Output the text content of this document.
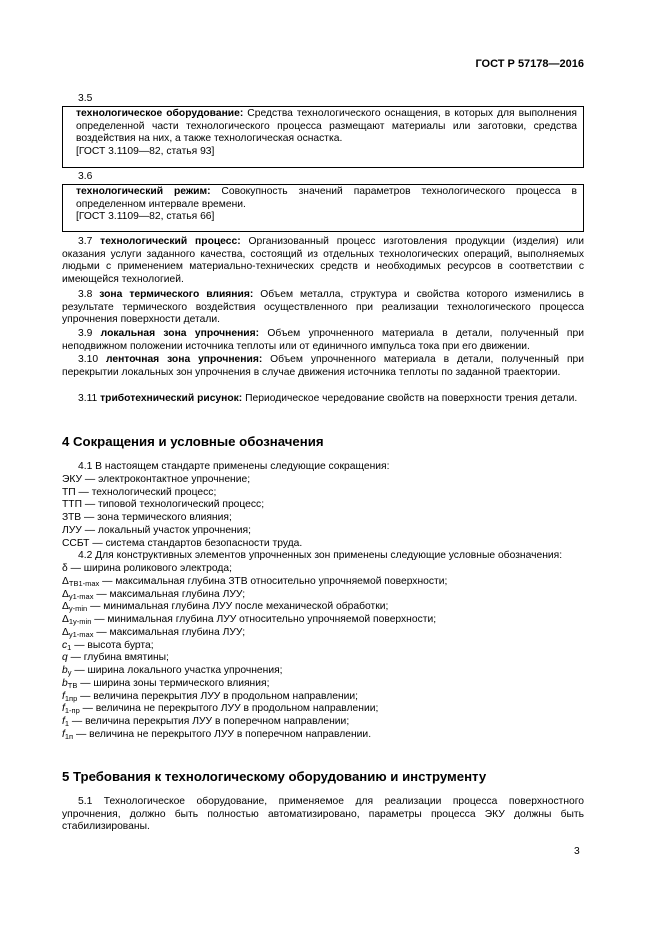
ГОСТ Р 57178—2016
3.5

технологическое оборудование: Средства технологического оснащения, в которых для выполнения определенной части технологического процесса размещают материалы или заготовки, средства воздействия на них, а также технологическая оснастка.

[ГОСТ 3.1109—82, статья 93]

3.6

технологический режим: Совокупность значений параметров технологического процесса в определенном интервале времени.

[ГОСТ 3.1109—82, статья 66]

3.7 технологический процесс: Организованный процесс изготовления продукции (изделия) или оказания услуги заданного качества, состоящий из отдельных технологических операций, выполняемых людьми с применением материально-технических средств и необходимых ресурсов в соответствии с имеющейся технологией.

3.8 зона термического влияния: Объем металла, структура и свойства которого изменились в результате термического воздействия осуществленного при реализации технологического процесса упрочнения поверхности детали.

3.9 локальная зона упрочнения: Объем упрочненного материала в детали, полученный при неподвижном положении источника теплоты или от единичного импульса тока при его движении.

3.10 ленточная зона упрочнения: Объем упрочненного материала в детали, полученный при перекрытии локальных зон упрочнения в случае движения источника теплоты по заданной траектории.

3.11 триботехнический рисунок: Периодическое чередование свойств на поверхности трения детали.

4 Сокращения и условные обозначения
4.1 В настоящем стандарте применены следующие сокращения:
ЭКУ — электроконтактное упрочнение;
ТП — технологический процесс;
ТТП — типовой технологический процесс;
ЗТВ — зона термического влияния;
ЛУУ — локальный участок упрочнения;
ССБТ — система стандартов безопасности труда.
4.2 Для конструктивных элементов упрочненных зон применены следующие условные обозначения:
δ — ширина роликового электрода;
$\Delta_{ТВ1-max}$ — максимальная глубина ЗТВ относительно упрочняемой поверхности;
$\Delta_{y1-max}$ — максимальная глубина ЛУУ;
$\Delta_{y-min}$ — минимальная глубина ЛУУ после механической обработки;
$\Delta_{1y-min}$ — минимальная глубина ЛУУ относительно упрочняемой поверхности;
$\Delta_{y1-max}$ — максимальная глубина ЛУУ;
$c_1$ — высота бурта;
q — глубина вмятины;
$b_y$ — ширина локального участка упрочнения;
$b_{ТВ}$ — ширина зоны термического влияния;
$f_{1пр}$ — величина перекрытия ЛУУ в продольном направлении;
$f_{1-пр}$ — величина не перекрытого ЛУУ в продольном направлении;
$f_1$ — величина перекрытия ЛУУ в поперечном направлении;
$f_{1п}$ — величина не перекрытого ЛУУ в поперечном направлении.
5 Требования к технологическому оборудованию и инструменту

5.1 Технологическое оборудование, применяемое для реализации процесса поверхностного упрочнения, должно быть полностью автоматизировано, параметры процесса ЭКУ должны быть стабилизированы.

3
